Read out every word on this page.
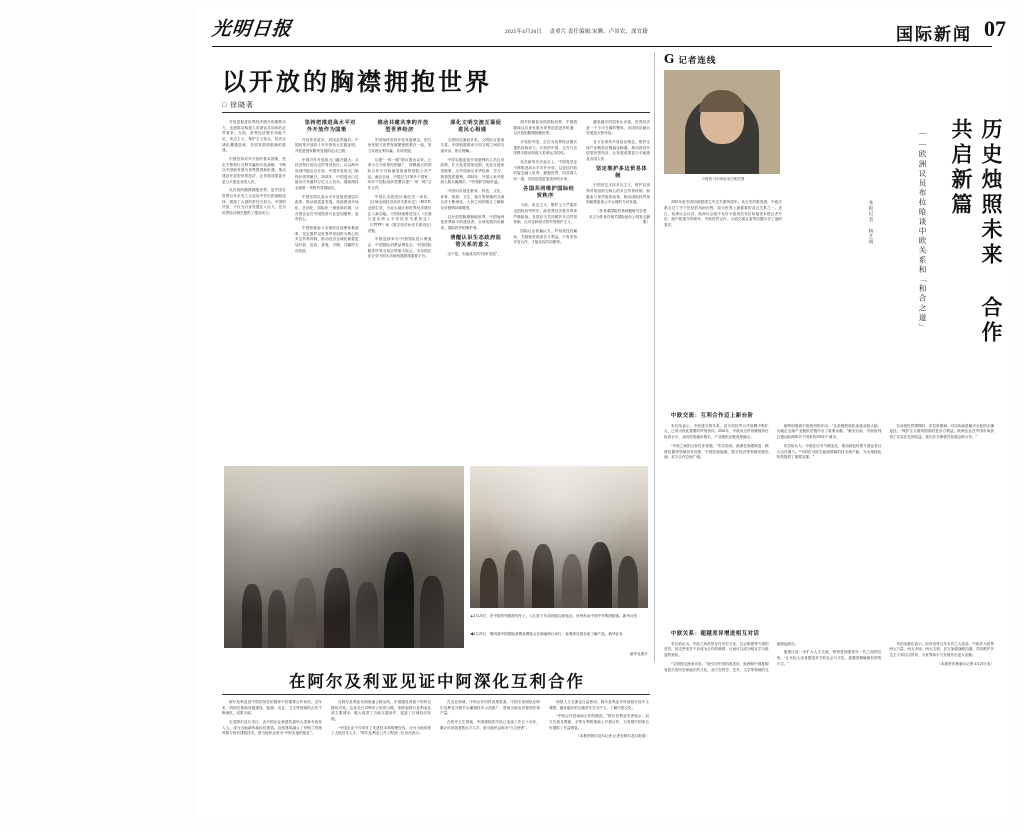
光明日报	2025年4月26日 责重片 责任编辑:宋腾、卢景农、深宜籍	国际新闻 07
以开放的胸襟拥抱世界
□ 徐晓著

开放是促进世界经济增长的重要动力，也是推动构建人类命运共同体的必然要求。当前，世界经济增长动能不足，单边主义、保护主义抬头，经济全球化遭遇逆流，各国发展面临新的挑战。

中国坚持对外开放的基本国策，坚定不移奉行互利共赢的开放战略，不断以中国新发展为世界提供新机遇，推动建设开放型世界经济，让发展成果更多更公平惠及各国人民。

以开放的胸襟拥抱世界，是中国在世界百年未有之大变局中作出的战略选择，展现了大国的责任与担当。中国的开放，不仅为自身发展注入活力，也为世界经济增长提供了强劲动力。

坚持把推进高水平对外开放作为国策

开放带来进步，封闭必然落后。中国改革开放四十多年的伟大实践证明，开放是国家繁荣发展的必由之路。

中国对外开放的大门越开越大。从经济特区到自由贸易试验区，从沿海开放到内陆沿边开放，中国开放的大门始终向世界敞开。2024年，中国进出口总值首次突破43万亿元人民币，继续保持全球第一货物贸易国地位。

中国坚持以高水平开放促进深层次改革、推动高质量发展。持续建设市场化、法治化、国际化一流营商环境，让各国企业在中国投资兴业更加便利、更有信心。

中国积极参与全球经济治理体系改革，坚定维护以世界贸易组织为核心的多边贸易体制，推动经济全球化朝着更加开放、包容、普惠、平衡、共赢的方向发展。

推动共建共享的开放型世界经济

中国始终坚持开放发展理念，把自身发展与世界发展紧密联系在一起，努力实现互利共赢、共同发展。

共建“一带一路”倡议提出以来，已成为当今世界范围最广、规模最大的国际合作平台和最受欢迎的国际公共产品。截至目前，中国已与150多个国家、30多个国际组织签署共建“一带一路”合作文件。

中国扎实推进区域经济一体化，《区域全面经济伙伴关系协定》（RCEP）全面生效，为亚太地区和世界经济增长注入新动能。中国持续推进加入《全面与进步跨太平洋伙伴关系协定》（CPTPP）和《数字经济伙伴关系协定》进程。

中国连续举办中国国际进口博览会、中国国际消费品博览会、中国国际服务贸易交易会等重大展会，为各国企业分享中国大市场机遇搭建重要平台。

深化文明交流互鉴促进民心相通

文明因交流而多彩，文明因互鉴而丰富。中国积极推动不同文明之间的交流对话、相互理解。

中国实施更加开放便利的人员往来政策，扩大免签国家范围，优化过境免签政策，为外国朋友来华经商、学习、旅游提供便利。2024年，外国人来华旅游人数大幅增长，“中国游”持续升温。

中国同各国在教育、科技、文化、体育、旅游、卫生、地方等领域的交流合作不断深化，人民之间的相互了解和友好感情持续增进。

以开放的胸襟拥抱世界，中国始终是世界和平的建设者、全球发展的贡献者、国际秩序的维护者。

清醒认识生态政府监管关系的意义

这个是，未能成功的“国家发展”。

面对纷繁复杂的国际形势，中国将继续以自身发展为世界创造更多机遇，以开放的胸襟拥抱世界。

开放的中国，正在为世界经济增长提供持续动力；开放的中国，正在与各国携手推动构建人类命运共同体。

站在新的历史起点上，中国将坚定不移推进高水平对外开放，以更加开放的姿态融入世界、拥抱世界，同各国人民一道，共同创造更加美好的未来。

各国共同维护国际经贸秩序

当前，单边主义、保护主义严重冲击国际经贸秩序，给世界经济复苏带来严峻挑战。各国应当共同维护多边贸易体制，反对各种形式的贸易保护主义。

国际社会普遍认为，贸易战没有赢家，关税壁垒损害各方利益。只有坚持开放合作，才能实现共同繁荣。

越来越多的国家认识到，世界经济是一个不可分割的整体，各国经济融合发展是大势所趋。

各方应秉持开放包容理念，维护全球产业链供应链稳定畅通，推动建设开放型世界经济，让发展成果更公平地惠及各国人民。

坚定维护多边贸易体制

中国坚定支持多边主义，维护以世界贸易组织为核心的多边贸易体制，积极参与世贸组织改革，推动国际经贸规则朝着更加公平合理的方向发展。

（作者系国际贸易问题研究学者，本文为作者在相关国际论坛上的发言摘要）

▲4月25日，在中国首列旅游列车上，人们在下车前拍照合影留念。该列车由中国中车集团制造。新华社发
◀4月25日，第四届中国国际消费品博览会在海南海口举行，参观者在展台前了解产品。新华社发
新华社照片
在阿尔及利亚见证中阿深化互利合作

阿尔及利亚是中国在阿拉伯国家中的重要合作伙伴。近年来，两国在基础设施建设、能源、农业、卫生等领域的合作不断深化，成果丰硕。

走进阿尔及尔市区，由中国企业承建的嘉玛大清真寺高耸入云，成为当地新的地标性建筑。这座建筑融合了伊斯兰传统风格与现代建筑技术，被当地民众誉为“中阿友谊的象征”。

在阿尔及利亚东西高速公路沿线，中国建设者留下的印记随处可见。这条全长1200多公里的公路，串联起阿尔及利亚北部主要城市，极大改善了当地交通条件，促进了区域经济发展。

“中国企业不仅带来了先进技术和管理经验，还为当地培养了大批技术人才。”阿尔及利亚公共工程部一位官员表示。

在农业领域，中阿合作同样成果显著。中国专家团队在阿尔及利亚开展节水灌溉技术示范推广，帮助当地农民提高作物产量。

在医疗卫生领域，中国援阿医疗队已连续工作五十余年，累计诊治患者数百万人次，被当地民众称为“白衣使者”。

两国人文交流也日益密切。阿尔及利亚多所高校开设中文课程，越来越多的当地青年学习中文、了解中国文化。

“中阿合作是南南合作的典范。”阿尔及利亚学者表示，双方在相互尊重、平等互利的基础上开展合作，为发展中国家合作提供了有益借鉴。

（本报驻阿尔及尔记者 记者在阿尔及尔报道）

G 记者连线
卢西奥·马尔蒂诺 欧方相关图	历史烛照未来 合作共启新篇
——欧洲议员布拉哈谈中欧关系和「和合之道」
本报记者 杨艺明

2025年是中国同欧盟建立外交关系50周年。从历史的维度看，中欧关系走过了半个世纪的风雨历程，成为世界上最重要的双边关系之一。近日，欧洲议会议员、欧洲议会欧中友好小组成员布拉哈接受本报记者专访，就中欧建交50周年、中欧经贸合作、文明交流互鉴等话题分享了他的看法。

中欧交流：互利合作迈上新台阶

布拉哈表示，中欧建交50年来，双方的经贸合作规模不断扩大，已成为彼此重要的贸易伙伴。2024年，中欧双边贸易额保持在较高水平，双向投资稳步增长，产业链供应链深度融合。

“中欧之间的互补性非常强。”布拉哈说，欧洲在高端制造、精密仪器等领域具有优势，中国在新能源、数字经济等领域发展迅速，双方合作空间广阔。

他特别提到中欧班列的作用。“这条钢铁驼队连接亚欧大陆，为稳定全球产业链供应链作出了重要贡献。”截至目前，中欧班列已通达欧洲20多个国家的200多个城市。

布拉哈认为，中欧在应对气候变化、推动绿色转型方面也有巨大合作潜力。“中国在可再生能源领域的技术和产能，为全球绿色转型提供了重要支撑。”

在谈到经贸摩擦时，布拉哈强调，对话协商是解决分歧的正确途径。“保护主义最终损害的是各方利益。欧洲企业在中国市场获得了实实在在的收益，我们应当珍惜并拓展这种合作。”

中欧关系：超越差异增进相互对话

布拉哈认为，中欧之间虽然存在历史文化、社会制度等方面的差异，但这些差异不应成为合作的障碍，反而可以成为相互学习借鉴的契机。

“文明因交流而多彩。”他引用中国的表述说，欧洲和中国都拥有悠久的历史和灿烂的文化，双方在哲学、艺术、文学等领域的交流源远流长。

他建议进一步扩大人文交流，特别是加强青年一代之间的往来。“让年轻人亲身感受对方的社会与文化，是增进理解最有效的方式。”

布拉哈最后表示，面对世界百年未有之大变局，中欧作为世界两大力量、两大市场、两大文明，应当加强战略沟通，共同维护多边主义和自由贸易，为世界和平与发展作出更大贡献。

（本报驻布鲁塞尔记者 4月25日电）
